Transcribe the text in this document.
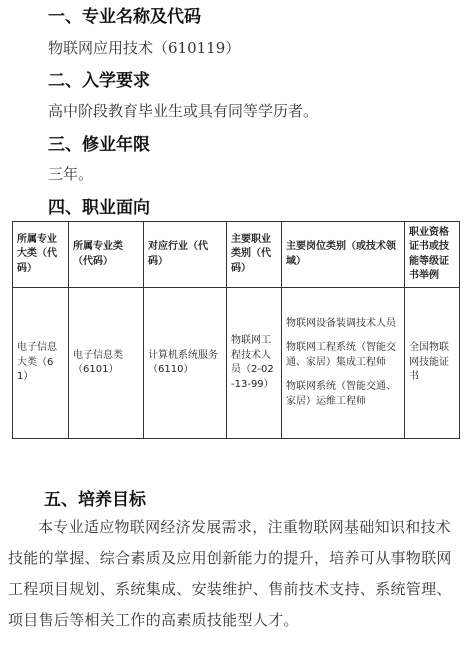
一、专业名称及代码
物联网应用技术（610119）
二、入学要求
高中阶段教育毕业生或具有同等学历者。
三、修业年限
三年。
四、职业面向
所属专业大类（代码）	所属专业类（代码）	对应行业（代码）	主要职业类别（代码）	主要岗位类别（或技术领域）	职业资格证书或技能等级证书举例
电子信息大类（61）	电子信息类（6101）	计算机系统服务（6110）	物联网工程技术人员（2-02-13-99）	物联网设备装调技术人员

物联网工程系统（智能交通、家居）集成工程师

物联网系统（智能交通、家居）运维工程师	全国物联网技能证书
五、培养目标
本专业适应物联网经济发展需求，注重物联网基础知识和技术技能的掌握、综合素质及应用创新能力的提升，培养可从事物联网工程项目规划、系统集成、安装维护、售前技术支持、系统管理、项目售后等相关工作的高素质技能型人才。
